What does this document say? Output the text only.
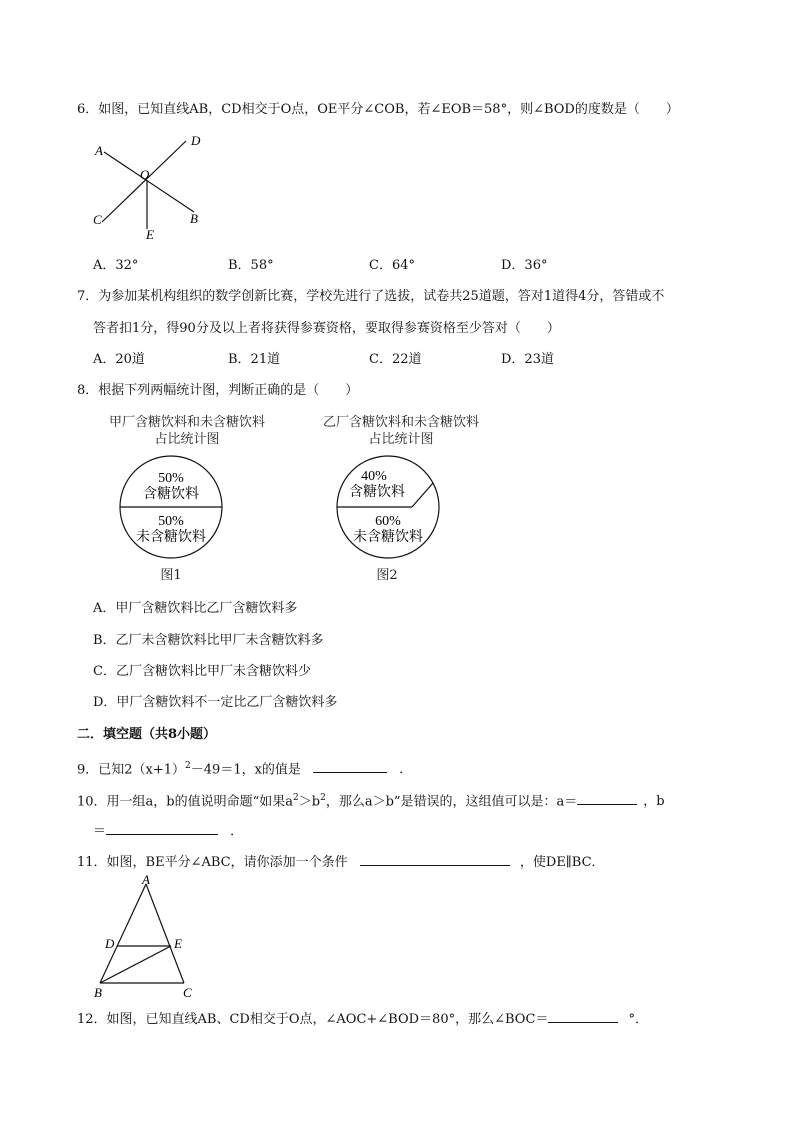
6．如图，已知直线AB，CD相交于O点，OE平分∠COB，若∠EOB＝58°，则∠BOD的度数是（　　）
A
D
O
C	B
E
A．32°	B．58°	C．64°	D．36°
7．为参加某机构组织的数学创新比赛，学校先进行了选拔，试卷共25道题，答对1道得4分，答错或不
答者扣1分，得90分及以上者将获得参赛资格，要取得参赛资格至少答对（　　）
A．20道	B．21道	C．22道	D．23道
8．根据下列两幅统计图，判断正确的是（　　）
甲厂含糖饮料和未含糖饮料
占比统计图
50%
含糖饮料
50%
未含糖饮料
图1
乙厂含糖饮料和未含糖饮料
占比统计图
40%
含糖饮料
60%
未含糖饮料
图2
A．甲厂含糖饮料比乙厂含糖饮料多
B．乙厂未含糖饮料比甲厂未含糖饮料多
C．乙厂含糖饮料比甲厂未含糖饮料少
D．甲厂含糖饮料不一定比乙厂含糖饮料多
二．填空题（共8小题）
9．已知$2(x+1)^2-49=1$，x的值是	．
10．用一组a，b的值说明命题“如果$a^2>b^2$，那么a＞b”是错误的，这组值可以是：a＝	，b
＝	．
11．如图，BE平分∠ABC，请你添加一个条件	，使DE∥BC．
A
D	E
B	C
12．如图，已知直线AB、CD相交于O点，∠AOC+∠BOD＝80°，那么∠BOC＝	°．
